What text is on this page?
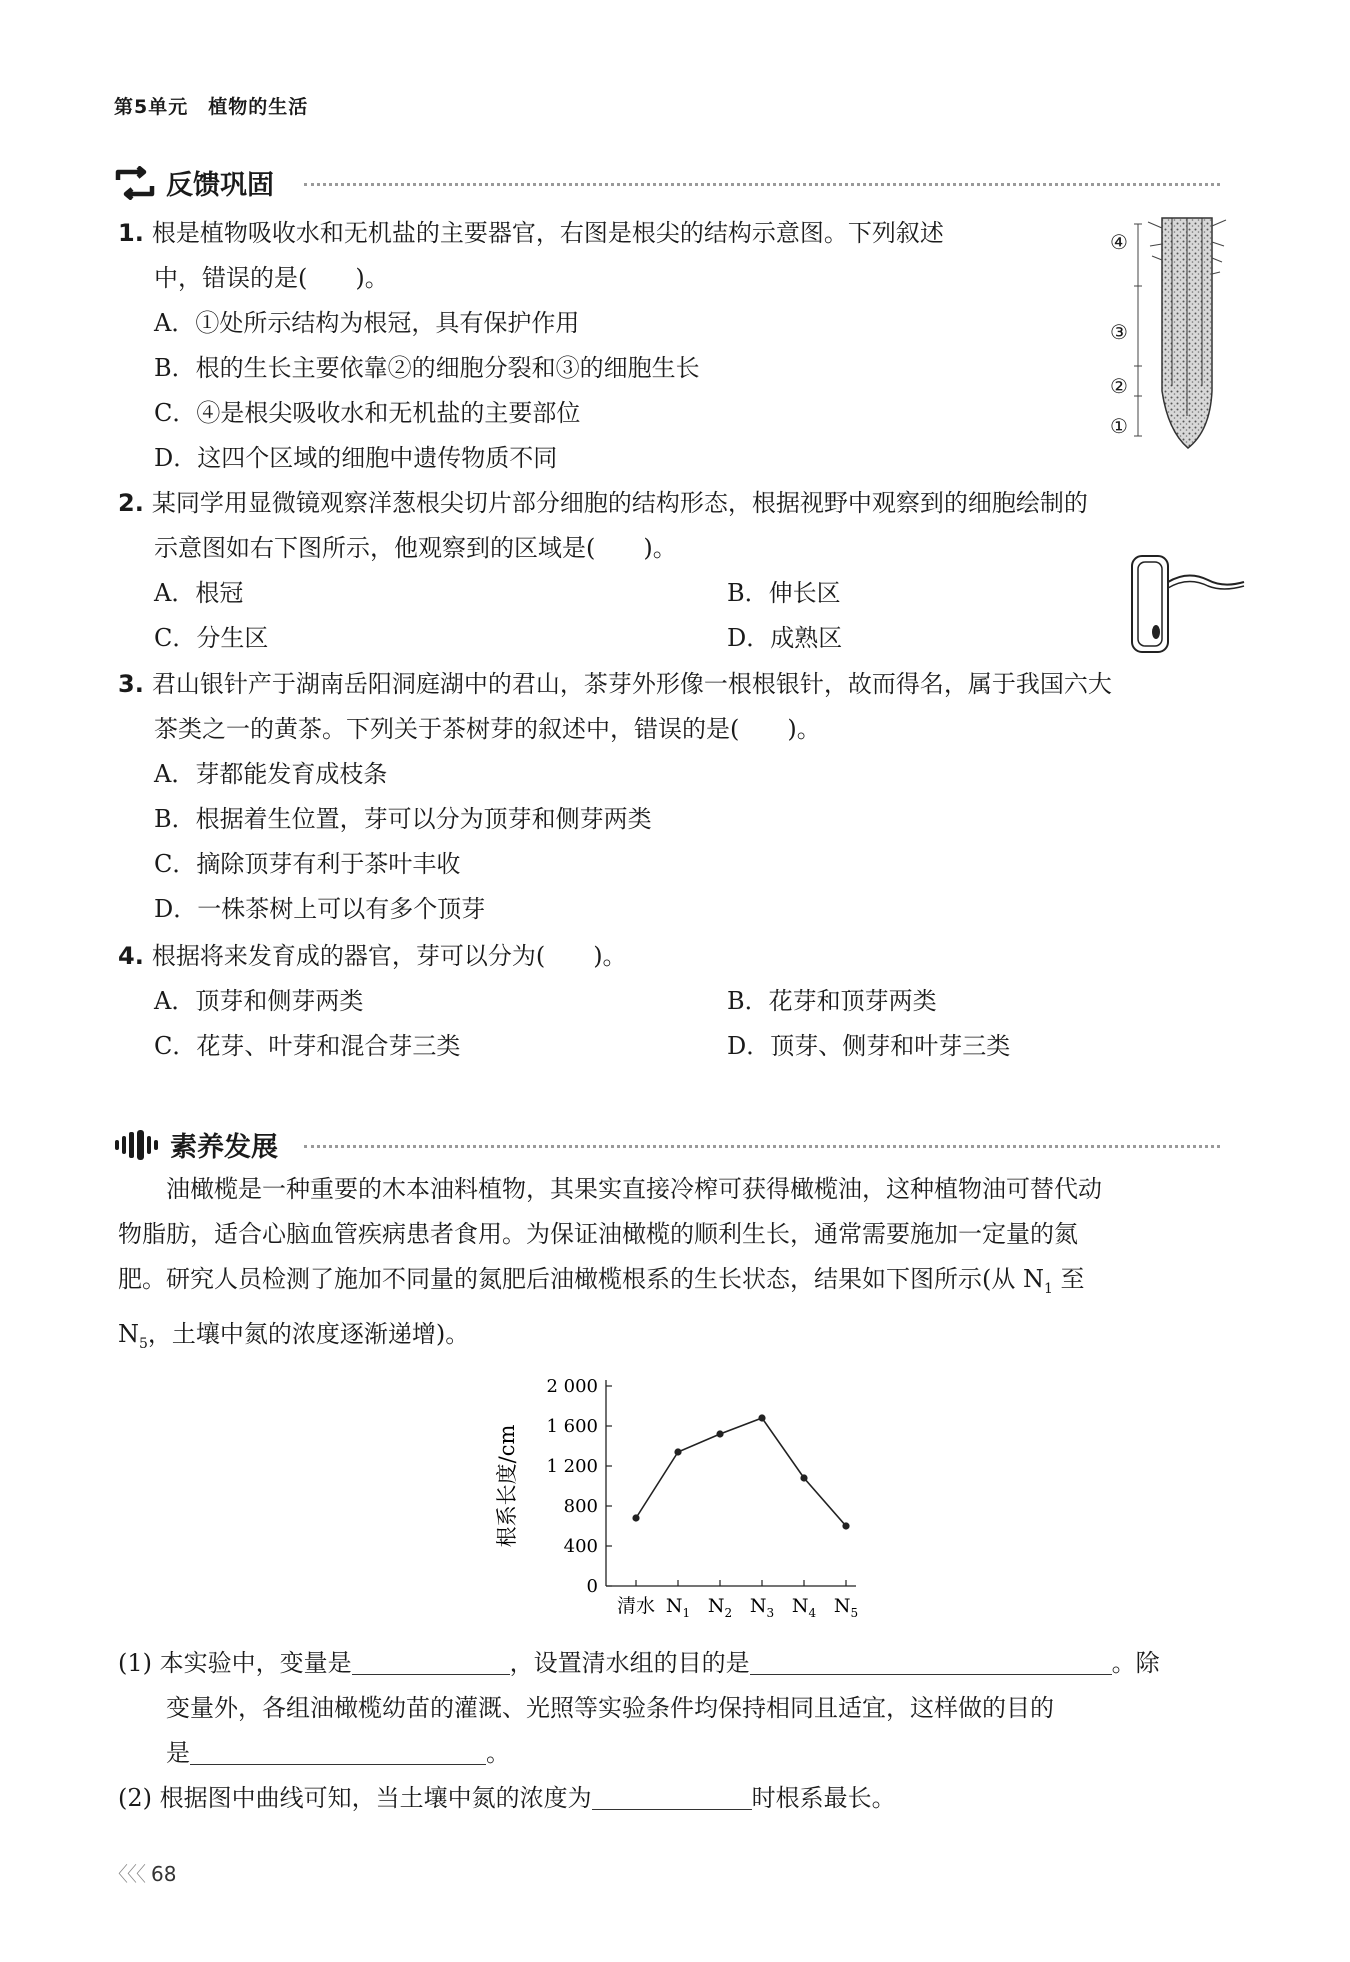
第5单元　植物的生活
反馈巩固
1. 根是植物吸收水和无机盐的主要器官，右图是根尖的结构示意图。下列叙述
中，错误的是(　　)。
A．①处所示结构为根冠，具有保护作用
B．根的生长主要依靠②的细胞分裂和③的细胞生长
C．④是根尖吸收水和无机盐的主要部位
D．这四个区域的细胞中遗传物质不同
④
③
②
①
2. 某同学用显微镜观察洋葱根尖切片部分细胞的结构形态，根据视野中观察到的细胞绘制的
示意图如右下图所示，他观察到的区域是(　　)。
A．根冠	B．伸长区
C．分生区	D．成熟区
3. 君山银针产于湖南岳阳洞庭湖中的君山，茶芽外形像一根根银针，故而得名，属于我国六大
茶类之一的黄茶。下列关于茶树芽的叙述中，错误的是(　　)。
A．芽都能发育成枝条
B．根据着生位置，芽可以分为顶芽和侧芽两类
C．摘除顶芽有利于茶叶丰收
D．一株茶树上可以有多个顶芽
4. 根据将来发育成的器官，芽可以分为(　　)。
A．顶芽和侧芽两类	B．花芽和顶芽两类
C．花芽、叶芽和混合芽三类	D．顶芽、侧芽和叶芽三类
素养发展
油橄榄是一种重要的木本油料植物，其果实直接冷榨可获得橄榄油，这种植物油可替代动
物脂肪，适合心脑血管疾病患者食用。为保证油橄榄的顺利生长，通常需要施加一定量的氮
肥。研究人员检测了施加不同量的氮肥后油橄榄根系的生长状态，结果如下图所示(从 $N_1$ 至
$N_5$，土壤中氮的浓度逐渐递增)。
0
400
800
1 200
1 600
2 000
清水 $N_1$ $N_2$ $N_3$ $N_4$ $N_5$
根系长度/cm
(1) 本实验中，变量是	，设置清水组的目的是	。除
变量外，各组油橄榄幼苗的灌溉、光照等实验条件均保持相同且适宜，这样做的目的
是	。
(2) 根据图中曲线可知，当土壤中氮的浓度为	时根系最长。
〈〈〈 68
